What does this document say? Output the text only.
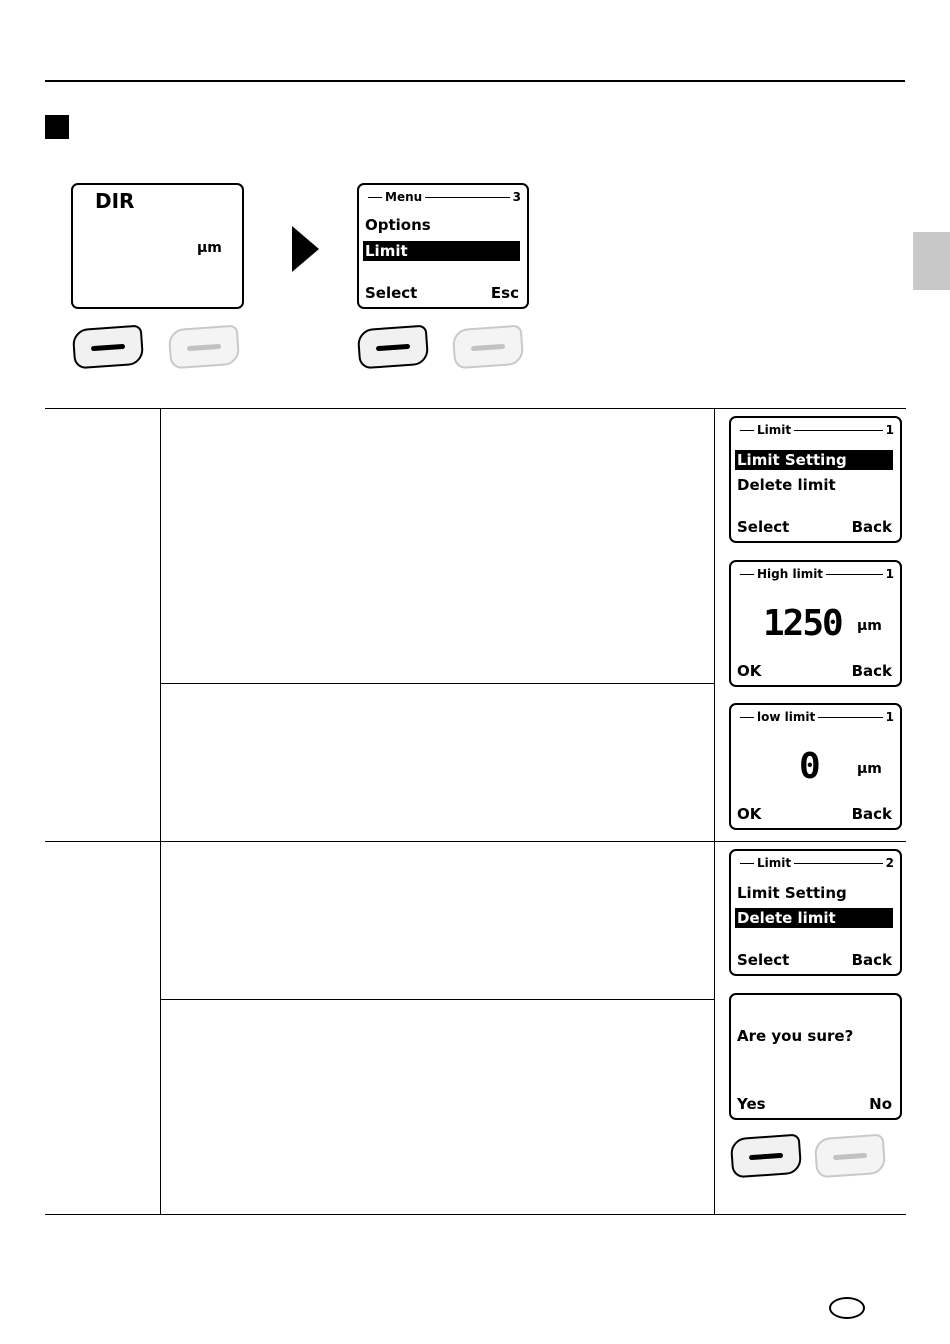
DIR
µm
Menu	3
Options
Limit
Select	Esc
Limit	1
Limit Setting
Delete limit
Select	Back
High limit	1
1250 µm
OK	Back
low limit	1
0	µm
OK	Back
Limit	2
Limit Setting
Delete limit
Select	Back
Are you sure?
Yes	No
